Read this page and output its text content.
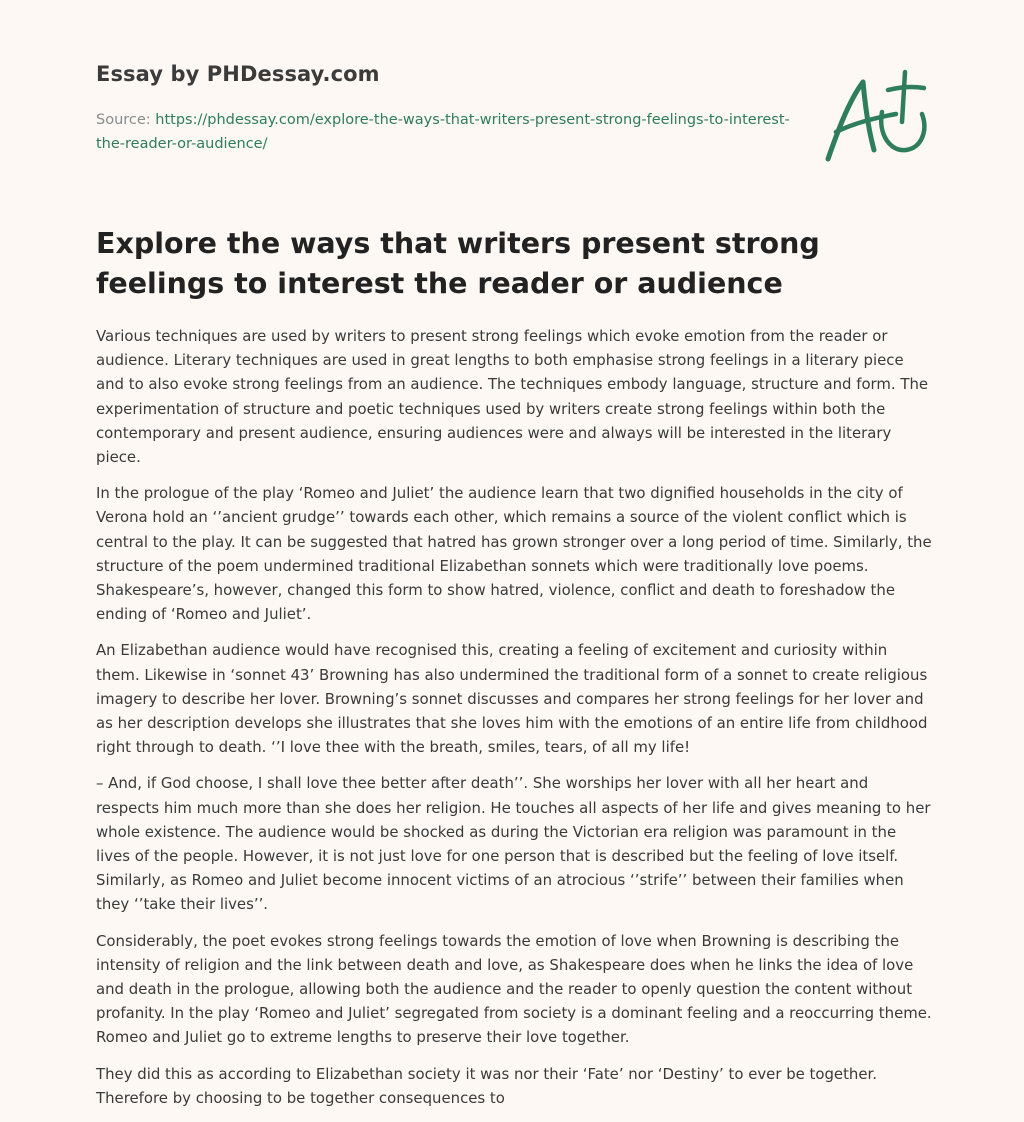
Essay by PHDessay.com
Source: https://phdessay.com/explore-the-ways-that-writers-present-strong-feelings-to-interest-the-reader-or-audience/
Explore the ways that writers present strong feelings to interest the reader or audience

Various techniques are used by writers to present strong feelings which evoke emotion from the reader or audience. Literary techniques are used in great lengths to both emphasise strong feelings in a literary piece and to also evoke strong feelings from an audience. The techniques embody language, structure and form. The experimentation of structure and poetic techniques used by writers create strong feelings within both the contemporary and present audience, ensuring audiences were and always will be interested in the literary piece.

In the prologue of the play ‘Romeo and Juliet’ the audience learn that two dignified households in the city of Verona hold an ‘’ancient grudge’’ towards each other, which remains a source of the violent conflict which is central to the play. It can be suggested that hatred has grown stronger over a long period of time. Similarly, the structure of the poem undermined traditional Elizabethan sonnets which were traditionally love poems. Shakespeare’s, however, changed this form to show hatred, violence, conflict and death to foreshadow the ending of ‘Romeo and Juliet’.

An Elizabethan audience would have recognised this, creating a feeling of excitement and curiosity within them. Likewise in ‘sonnet 43’ Browning has also undermined the traditional form of a sonnet to create religious imagery to describe her lover. Browning’s sonnet discusses and compares her strong feelings for her lover and as her description develops she illustrates that she loves him with the emotions of an entire life from childhood right through to death. ‘’I love thee with the breath, smiles, tears, of all my life!

– And, if God choose, I shall love thee better after death’’. She worships her lover with all her heart and respects him much more than she does her religion. He touches all aspects of her life and gives meaning to her whole existence. The audience would be shocked as during the Victorian era religion was paramount in the lives of the people. However, it is not just love for one person that is described but the feeling of love itself. Similarly, as Romeo and Juliet become innocent victims of an atrocious ‘’strife’’ between their families when they ‘’take their lives’’.

Considerably, the poet evokes strong feelings towards the emotion of love when Browning is describing the intensity of religion and the link between death and love, as Shakespeare does when he links the idea of love and death in the prologue, allowing both the audience and the reader to openly question the content without profanity. In the play ‘Romeo and Juliet’ segregated from society is a dominant feeling and a reoccurring theme. Romeo and Juliet go to extreme lengths to preserve their love together.

They did this as according to Elizabethan society it was nor their ‘Fate’ nor ‘Destiny’ to ever be together. Therefore by choosing to be together consequences to
